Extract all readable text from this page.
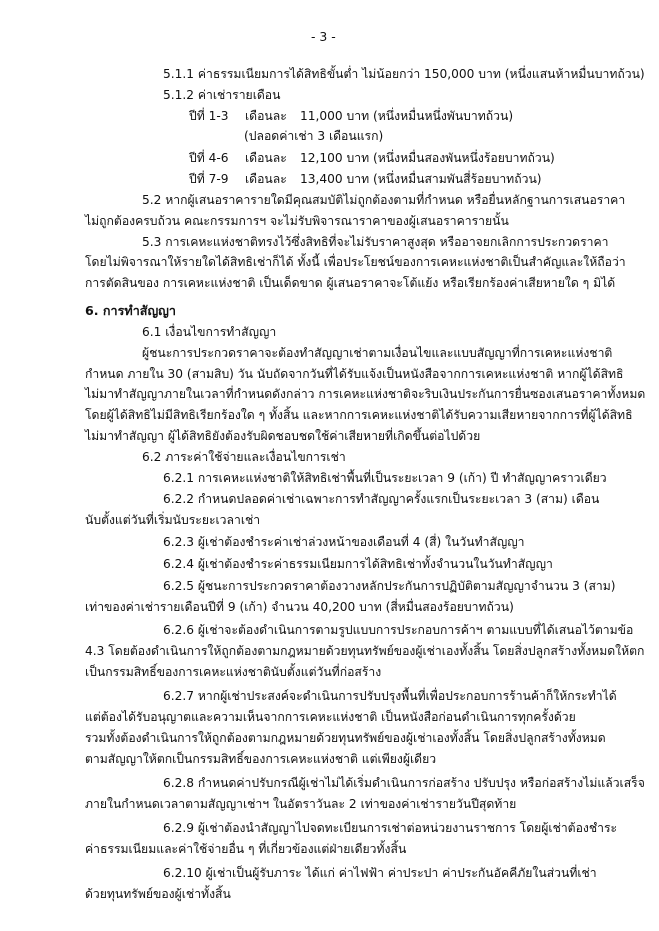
- 3 -
5.1.1 ค่าธรรมเนียมการได้สิทธิขั้นต่ำ ไม่น้อยกว่า 150,000 บาท (หนึ่งแสนห้าหมื่นบาทถ้วน)
5.1.2 ค่าเช่ารายเดือน
ปีที่ 1-3 เดือนละ 11,000 บาท (หนึ่งหมื่นหนึ่งพันบาทถ้วน)
(ปลอดค่าเช่า 3 เดือนแรก)
ปีที่ 4-6 เดือนละ 12,100 บาท (หนึ่งหมื่นสองพันหนึ่งร้อยบาทถ้วน)
ปีที่ 7-9 เดือนละ 13,400 บาท (หนึ่งหมื่นสามพันสี่ร้อยบาทถ้วน)
5.2 หากผู้เสนอราคารายใดมีคุณสมบัติไม่ถูกต้องตามที่กำหนด หรือยื่นหลักฐานการเสนอราคา
ไม่ถูกต้องครบถ้วน คณะกรรมการฯ จะไม่รับพิจารณาราคาของผู้เสนอราคารายนั้น
5.3 การเคหะแห่งชาติทรงไว้ซึ่งสิทธิที่จะไม่รับราคาสูงสุด หรืออาจยกเลิกการประกวดราคา
โดยไม่พิจารณาให้รายใดได้สิทธิเช่าก็ได้ ทั้งนี้ เพื่อประโยชน์ของการเคหะแห่งชาติเป็นสำคัญและให้ถือว่า
การตัดสินของ การเคหะแห่งชาติ เป็นเด็ดขาด ผู้เสนอราคาจะโต้แย้ง หรือเรียกร้องค่าเสียหายใด ๆ มิได้
6. การทำสัญญา
6.1 เงื่อนไขการทำสัญญา
ผู้ชนะการประกวดราคาจะต้องทำสัญญาเช่าตามเงื่อนไขและแบบสัญญาที่การเคหะแห่งชาติ
กำหนด ภายใน 30 (สามสิบ) วัน นับถัดจากวันที่ได้รับแจ้งเป็นหนังสือจากการเคหะแห่งชาติ หากผู้ได้สิทธิ
ไม่มาทำสัญญาภายในเวลาที่กำหนดดังกล่าว การเคหะแห่งชาติจะริบเงินประกันการยื่นซองเสนอราคาทั้งหมด
โดยผู้ได้สิทธิไม่มีสิทธิเรียกร้องใด ๆ ทั้งสิ้น และหากการเคหะแห่งชาติได้รับความเสียหายจากการที่ผู้ได้สิทธิ
ไม่มาทำสัญญา ผู้ได้สิทธิยังต้องรับผิดชอบชดใช้ค่าเสียหายที่เกิดขึ้นต่อไปด้วย
6.2 ภาระค่าใช้จ่ายและเงื่อนไขการเช่า
6.2.1 การเคหะแห่งชาติให้สิทธิเช่าพื้นที่เป็นระยะเวลา 9 (เก้า) ปี ทำสัญญาคราวเดียว
6.2.2 กำหนดปลอดค่าเช่าเฉพาะการทำสัญญาครั้งแรกเป็นระยะเวลา 3 (สาม) เดือน
นับตั้งแต่วันที่เริ่มนับระยะเวลาเช่า
6.2.3 ผู้เช่าต้องชำระค่าเช่าล่วงหน้าของเดือนที่ 4 (สี่) ในวันทำสัญญา
6.2.4 ผู้เช่าต้องชำระค่าธรรมเนียมการได้สิทธิเช่าทั้งจำนวนในวันทำสัญญา
6.2.5 ผู้ชนะการประกวดราคาต้องวางหลักประกันการปฏิบัติตามสัญญาจำนวน 3 (สาม)
เท่าของค่าเช่ารายเดือนปีที่ 9 (เก้า) จำนวน 40,200 บาท (สี่หมื่นสองร้อยบาทถ้วน)
6.2.6 ผู้เช่าจะต้องดำเนินการตามรูปแบบการประกอบการค้าฯ ตามแบบที่ได้เสนอไว้ตามข้อ
4.3 โดยต้องดำเนินการให้ถูกต้องตามกฎหมายด้วยทุนทรัพย์ของผู้เช่าเองทั้งสิ้น โดยสิ่งปลูกสร้างทั้งหมดให้ตก
เป็นกรรมสิทธิ์ของการเคหะแห่งชาตินับตั้งแต่วันที่ก่อสร้าง
6.2.7 หากผู้เช่าประสงค์จะดำเนินการปรับปรุงพื้นที่เพื่อประกอบการร้านค้าก็ให้กระทำได้
แต่ต้องได้รับอนุญาตและความเห็นจากการเคหะแห่งชาติ เป็นหนังสือก่อนดำเนินการทุกครั้งด้วย
รวมทั้งต้องดำเนินการให้ถูกต้องตามกฎหมายด้วยทุนทรัพย์ของผู้เช่าเองทั้งสิ้น โดยสิ่งปลูกสร้างทั้งหมด
ตามสัญญาให้ตกเป็นกรรมสิทธิ์ของการเคหะแห่งชาติ แต่เพียงผู้เดียว
6.2.8 กำหนดค่าปรับกรณีผู้เช่าไม่ได้เริ่มดำเนินการก่อสร้าง ปรับปรุง หรือก่อสร้างไม่แล้วเสร็จ
ภายในกำหนดเวลาตามสัญญาเช่าฯ ในอัตราวันละ 2 เท่าของค่าเช่ารายวันปีสุดท้าย
6.2.9 ผู้เช่าต้องนำสัญญาไปจดทะเบียนการเช่าต่อหน่วยงานราชการ โดยผู้เช่าต้องชำระ
ค่าธรรมเนียมและค่าใช้จ่ายอื่น ๆ ที่เกี่ยวข้องแต่ฝ่ายเดียวทั้งสิ้น
6.2.10 ผู้เช่าเป็นผู้รับภาระ ได้แก่ ค่าไฟฟ้า ค่าประปา ค่าประกันอัคคีภัยในส่วนที่เช่า
ด้วยทุนทรัพย์ของผู้เช่าทั้งสิ้น
